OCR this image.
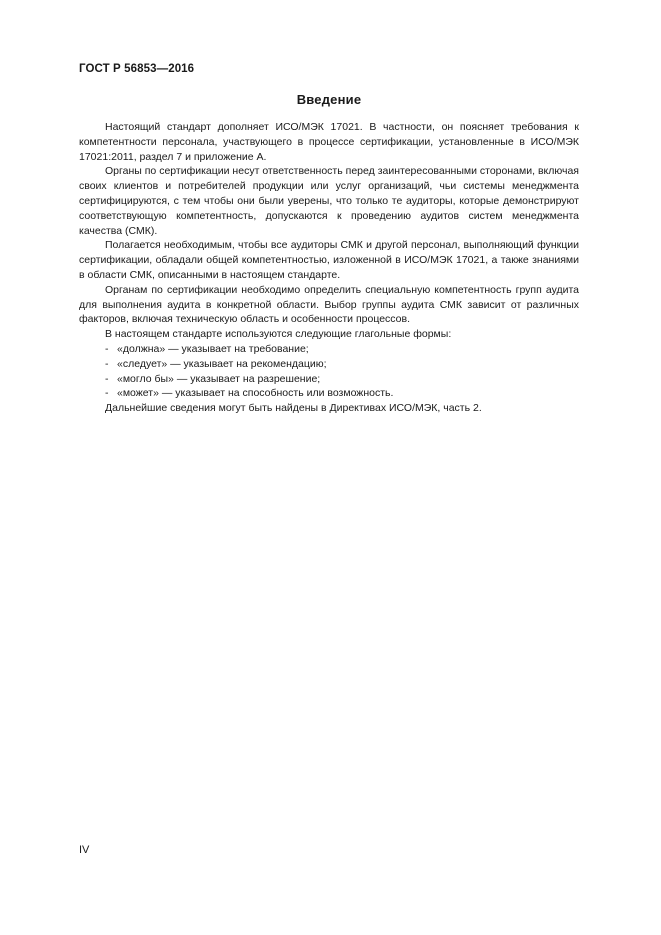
ГОСТ Р 56853—2016
Введение

Настоящий стандарт дополняет ИСО/МЭК 17021. В частности, он поясняет требования к компетентности персонала, участвующего в процессе сертификации, установленные в ИСО/МЭК 17021:2011, раздел 7 и приложение А.

Органы по сертификации несут ответственность перед заинтересованными сторонами, включая своих клиентов и потребителей продукции или услуг организаций, чьи системы менеджмента сертифицируются, с тем чтобы они были уверены, что только те аудиторы, которые демонстрируют соответствующую компетентность, допускаются к проведению аудитов систем менеджмента качества (СМК).

Полагается необходимым, чтобы все аудиторы СМК и другой персонал, выполняющий функции сертификации, обладали общей компетентностью, изложенной в ИСО/МЭК 17021, а также знаниями в области СМК, описанными в настоящем стандарте.

Органам по сертификации необходимо определить специальную компетентность групп аудита для выполнения аудита в конкретной области. Выбор группы аудита СМК зависит от различных факторов, включая техническую область и особенности процессов.

В настоящем стандарте используются следующие глагольные формы:

- «должна» — указывает на требование;
- «следует» — указывает на рекомендацию;
- «могло бы» — указывает на разрешение;
- «может» — указывает на способность или возможность.

Дальнейшие сведения могут быть найдены в Директивах ИСО/МЭК, часть 2.

IV
